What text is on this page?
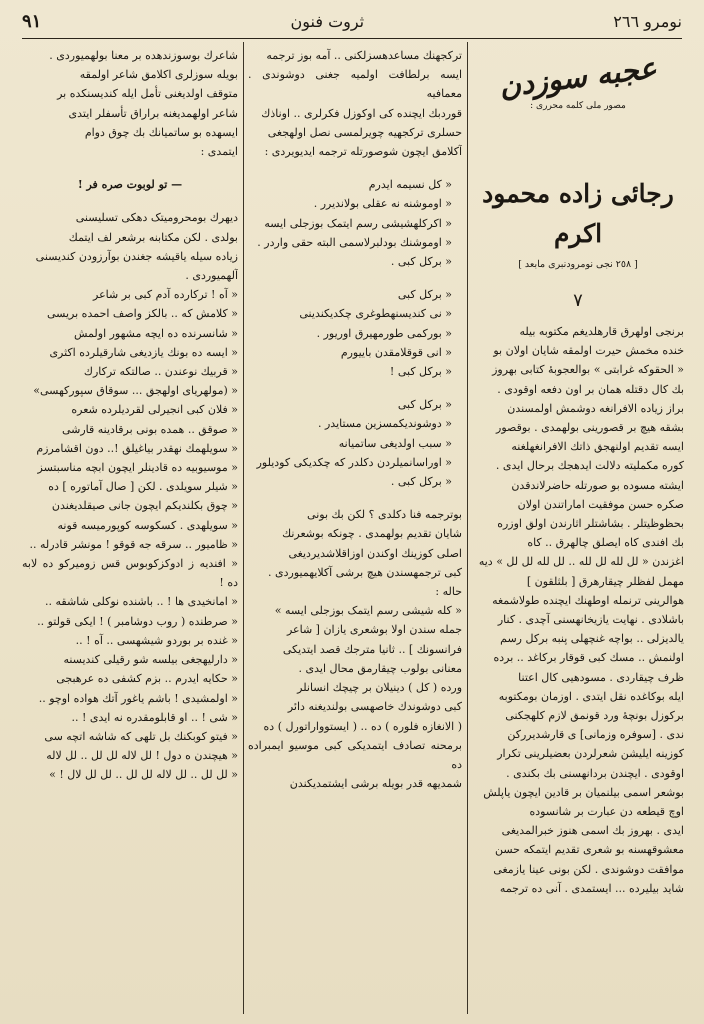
نومرو ۲٦٦
ثروت فنون
٩١
عجبه سوزدن
مصور ملی کلمه محرری :
رجائی زاده محمود اکرم
[ ۲٥۸ نجی نومرودنبری مابعد ]
۷

برنجی اولهرق قارهلدیغم مکتوبه بیله

خنده مخمش حیرت اولمقه شایان اولان بو

« الحقوکه غرابتی » بوالعجوبهٔ کتابی بهروز

بك كال دقتله همان بر اون دفعه اوقودی .

براز زیاده الافرانغه دوشمش اولمسندن

بشقه هیچ بر قصورینی بولهمدی . بوقصور

ایسه تقدیم اولنهجق ذاتك الافرانغهلغنه

کوره مکملیته دلالت ایدهجك برحال ایدی .

ایشته مسوده بو صورتله حاضرلاندقدن

صکره حسن موفقیت اماراتندن اولان

بحظوظیتلر . بشاشتلر اثارندن اولق اوزره

بك افندی کاه ایصلق چالهرق .. کاه

اغزندن « لل لله لل لله .. لل لله لل لل » دیه

مهمل لفظلر چیقارهرق [ بلثلقون ]

هوالرینی ترنمله اوطهنك ایچنده طولاشمغه

باشلادی . نهایت یازیخانهسنی آچدی . کنار

یالدیزلی .. بواچه غنچهلی پنبه برکل رسم

اولنمش .. مسك کبی قوقار برکاغد .. برده

ظرف چیقاردی . مسودهیی کال اعتنا

ایله بوکاغده نقل ایتدی . اوزمان بومکتوبه

برکوزل بونچهٔ ورد قونمق لازم کلهجکنی

ندی . [سوفره وزمانی] ی قارشدیررکن

کوزینه ایلیشن شعرلردن بعضیلرینی تکرار

اوقودی . ایچندن بردانهسنی بك بکندی .

بوشعر اسمی بیلنمیان بر قادین ایچون یاپلش

اوچ قیطعه دن عبارت بر شانسوده

ایدی . بهروز بك اسمی هنوز خبرالمدیغی

معشوقهسنه بو شعری تقدیم ایتمکه حسن

موافقت دوشوندی . لکن بونی عینا یازمغی

شاید بیلیرده ... ایستمدی . آنی ده ترجمه

ترکجهنك مساعدهسزلکنی .. آمه بوز ترجمه

ایسه برلطافت اولمیه جغنی دوشوندی . معمافیه

قوردبك ایچنده کی اوکوزل فکرلری .. اوناذك

حسلری ترکجهیه چویرلمسی نصل اولهجغی

آکلامق ایچون شوصورتله ترجمه ایدیویردی :

« کل نسیمه ایدرم

« اوموشنه نه عقلی بولاندیرر .

« اکرکلهشیشی رسم ایتمک بوزجلی ایسه

« اوموشنك بودلبرلاسمی البته حقی واردر .

« برکل کبی .

« برکل کبی

« نی کندیسنهطوغری چکدیکندینی

« بورکمی طورمهیرق اوریور .

« انی قوقلامقدن باییورم

« برکل کبی !

« برکل کبی

« دوشوندیکمسزین مستایدر .

« سبب اولدیغی ساتمیانه

« اوراسانمیلردن دکلدر که چکدیکی کودیلور

« برکل کبی .

بوترجمه فنا دکلدی ؟ لکن بك بونی

شایان تقدیم بولهمدی . چونکه بوشعرنك

اصلی کوزینك اوکندن اوزاقلاشدیردیغی

کبی ترجمهسندن هیچ برشی آکلایهمیوردی .

حاله :

« کله شیشی رسم ایتمک بوزجلی ایسه »

جمله سندن اولا بوشعری یازان [ شاعر

فرانسونك ] .. ثانیا مترجك قصد ایتدیکی

معنانی بولوب چیقارمق محال ایدی .

ورده ( کل ) دینیلان بر چیچك انسانلر

کبی دوشوندك خاصهسی بولندیغنه دائر

( الانغازه فلوره ) ده .. ( ایستوواراتورل ) ده

برمحنه تصادف ایتمدیکی کبی موسیو ایمبراده ده

شمدیهه قدر بویله برشی ایشتمدیکندن

شاعرك بوسوزندهده بر معنا بولهمیوردی .

بویله سوزلری اکلامق شاعر اولمقه

متوقف اولدیغنی تأمل ایله کندیسنکده بر

شاعر اولهمدیغنه براراق تأسفلر ایتدی

ایسهده بو ساتمیانك بك چوق دوام

ایتمدی :

— تو لوبوت صره فر !

دیهرك بومحرومیتک دهکی تسلیسنی

بولدی . لکن مکتابنه برشعر لف ایتمك

زیاده سیله یاقیشه جغندن بوآرزودن کندیسنی

آلهمیوردی .

« آه ! ترکارده آدم کبی بر شاعر

« کلامش که .. بالکز واصف احمده بریسی

« شانسرنده ده ایچه مشهور اولمش

« ایسه ده بونك یازدیغی شارقیلرده اکثری

« قربیك نوعندن .. صالتکه ترکارك

« (مولهریای اولهجق ... سوقاق سپورکهسی»

« فلان کبی انجیرلی لقردیلرده شعره

« صوقق .. همده بونی برقادینه قارشی

« سویلهمك نهقدر بیاغیلق !.. دون اقشامرزم

« موسیوبیه ده قادینلر ایچون ابچه مناسبتسز

« شیلر سویلدی . لکن [ صال آماتوره ] ده

« چوق بکلندیکم ایچون جانی صیقلدیغندن

« سویلهدی . کسکوسه کوپورمیسه قونه

« ظامیور .. سرقه جه قوقو ! مونشر قادرله ..

« افندیه ز ادوکزکوبوس قس زومیرکو ده لابه ده !

« امانخیدی ها ! .. باشنده نوکلی شاشقه ..

« صرطنده ( روب دوشامبر ) ! ایکی قولتو ..

« غنده بر بوردو شیشهسی .. آه ! ..

« دارلیهجغی بیلسه شو رقیلی کندیسنه

« حکایه ایدرم .. بزم کشفی ده عرهبجی

« اولمشیدی ! باشم یاغور آتك هواده اوچو ..

« شی ! .. او قابلومقدره نه ایدی ! ..

« فیتو کوبکنك بل تلهی که شاشه اتچه سی

« هیچندن ه دول ! لل لاله لل لل .. لل لاله

« لل لل .. لل لاله لل لل .. لل لل لال ! »
